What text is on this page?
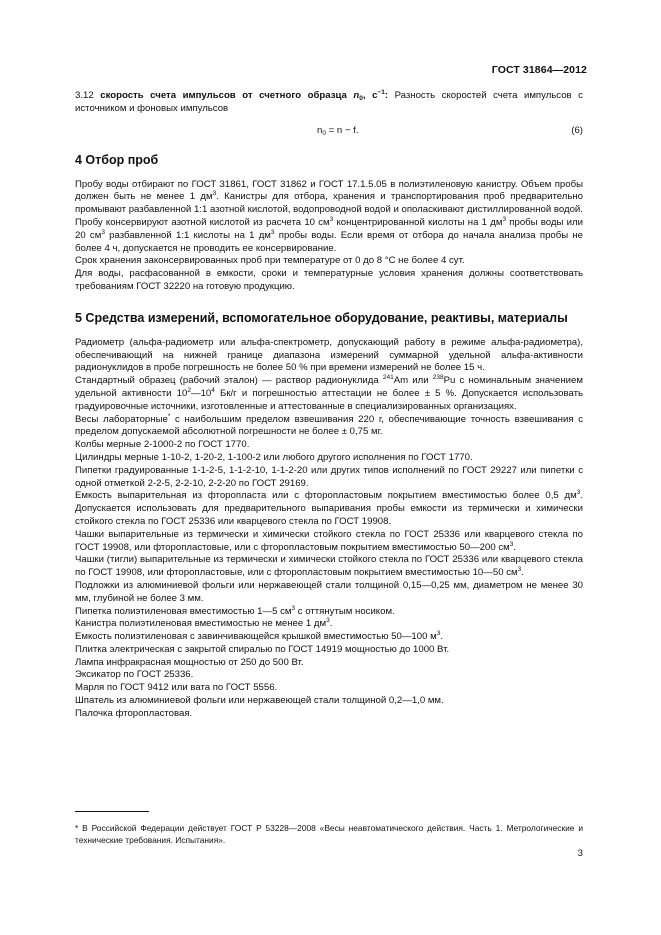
ГОСТ 31864—2012

3.12 скорость счета импульсов от счетного образца $n_0$, $с^{-1}$: Разность скоростей счета импульсов с источником и фоновых импульсов

$n_0 = n - f$.	(6)
4 Отбор проб

Пробу воды отбирают по ГОСТ 31861, ГОСТ 31862 и ГОСТ 17.1.5.05 в полиэтиленовую канистру. Объем пробы должен быть не менее 1 $дм^3$. Канистры для отбора, хранения и транспортирования проб предварительно промывают разбавленной 1:1 азотной кислотой, водопроводной водой и ополаскивают дистиллированной водой.

Пробу консервируют азотной кислотой из расчета 10 $см^3$ концентрированной кислоты на 1 $дм^3$ пробы воды или 20 $см^3$ разбавленной 1:1 кислоты на 1 $дм^3$ пробы воды. Если время от отбора до начала анализа пробы не более 4 ч, допускается не проводить ее консервирование.

Срок хранения законсервированных проб при температуре от 0 до 8 °С не более 4 сут.

Для воды, расфасованной в емкости, сроки и температурные условия хранения должны соответствовать требованиям ГОСТ 32220 на готовую продукцию.

5 Средства измерений, вспомогательное оборудование, реактивы, материалы

Радиометр (альфа-радиометр или альфа-спектрометр, допускающий работу в режиме альфа-радиометра), обеспечивающий на нижней границе диапазона измерений суммарной удельной альфа-активности радионуклидов в пробе погрешность не более 50 % при времени измерений не более 15 ч.

Стандартный образец (рабочий эталон) — раствор радионуклида $^{241}$Am или $^{238}$Pu с номинальным значением удельной активности $10^2—10^4$ Бк/г и погрешностью аттестации не более ± 5 %. Допускается использовать градуировочные источники, изготовленные и аттестованные в специализированных организациях.

Весы лабораторные* с наибольшим пределом взвешивания 220 г, обеспечивающие точность взвешивания с пределом допускаемой абсолютной погрешности не более ± 0,75 мг.

Колбы мерные 2-1000-2 по ГОСТ 1770.

Цилиндры мерные 1-10-2, 1-20-2, 1-100-2 или любого другого исполнения по ГОСТ 1770.

Пипетки градуированные 1-1-2-5, 1-1-2-10, 1-1-2-20 или других типов исполнений по ГОСТ 29227 или пипетки с одной отметкой 2-2-5, 2-2-10, 2-2-20 по ГОСТ 29169.

Емкость выпарительная из фторопласта или с фторопластовым покрытием вместимостью более 0,5 $дм^3$. Допускается использовать для предварительного выпаривания пробы емкости из термически и химически стойкого стекла по ГОСТ 25336 или кварцевого стекла по ГОСТ 19908.

Чашки выпарительные из термически и химически стойкого стекла по ГОСТ 25336 или кварцевого стекла по ГОСТ 19908, или фторопластовые, или с фторопластовым покрытием вместимостью 50—200 $см^3$.

Чашки (тигли) выпарительные из термически и химически стойкого стекла по ГОСТ 25336 или кварцевого стекла по ГОСТ 19908, или фторопластовые, или с фторопластовым покрытием вместимостью 10—50 $см^3$.

Подложки из алюминиевой фольги или нержавеющей стали толщиной 0,15—0,25 мм, диаметром не менее 30 мм, глубиной не более 3 мм.

Пипетка полиэтиленовая вместимостью 1—5 $см^3$ с оттянутым носиком.

Канистра полиэтиленовая вместимостью не менее 1 $дм^3$.

Емкость полиэтиленовая с завинчивающейся крышкой вместимостью 50—100 $м^3$.

Плитка электрическая с закрытой спиралью по ГОСТ 14919 мощностью до 1000 Вт.

Лампа инфракрасная мощностью от 250 до 500 Вт.

Эксикатор по ГОСТ 25336.

Марля по ГОСТ 9412 или вата по ГОСТ 5556.

Шпатель из алюминиевой фольги или нержавеющей стали толщиной 0,2—1,0 мм.

Палочка фторопластовая.

* В Российской Федерации действует ГОСТ Р 53228—2008 «Весы неавтоматического действия. Часть 1. Метрологические и технические требования. Испытания».

3
